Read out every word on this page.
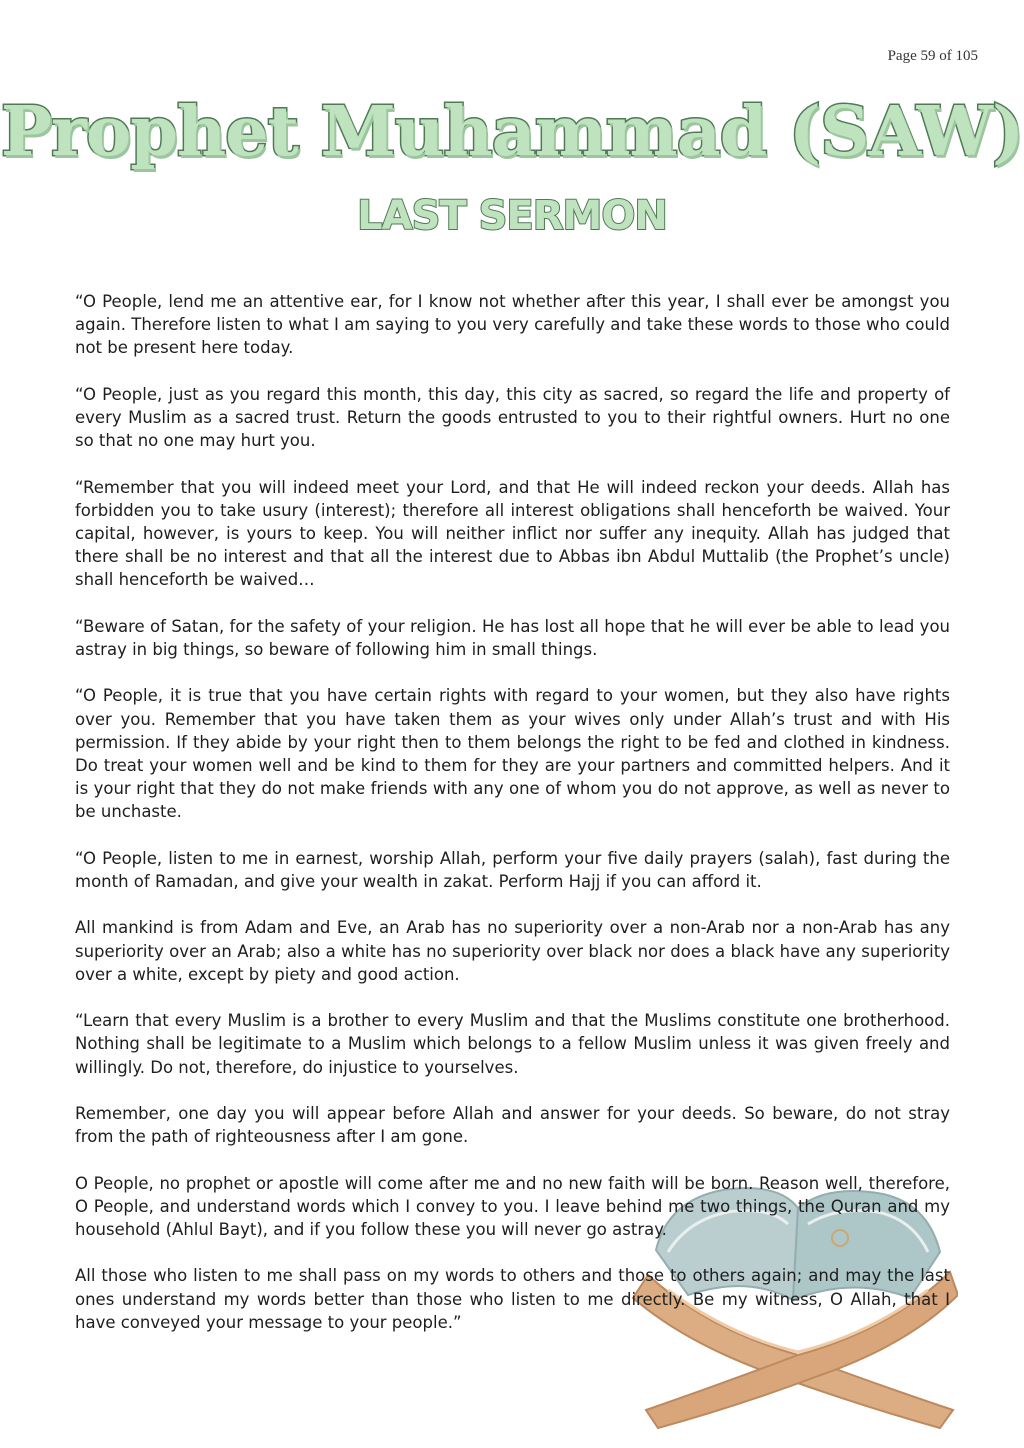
Page 59 of 105
Prophet Muhammad (SAW)
LAST SERMON

“O People, lend me an attentive ear, for I know not whether after this year, I shall ever be amongst you again. Therefore listen to what I am saying to you very carefully and take these words to those who could not be present here today.

“O People, just as you regard this month, this day, this city as sacred, so regard the life and property of every Muslim as a sacred trust. Return the goods entrusted to you to their rightful owners. Hurt no one so that no one may hurt you.

“Remember that you will indeed meet your Lord, and that He will indeed reckon your deeds. Allah has forbidden you to take usury (interest); therefore all interest obligations shall henceforth be waived. Your capital, however, is yours to keep. You will neither inflict nor suffer any inequity. Allah has judged that there shall be no interest and that all the interest due to Abbas ibn Abdul Muttalib (the Prophet’s uncle) shall henceforth be waived…

“Beware of Satan, for the safety of your religion. He has lost all hope that he will ever be able to lead you astray in big things, so beware of following him in small things.

“O People, it is true that you have certain rights with regard to your women, but they also have rights over you. Remember that you have taken them as your wives only under Allah’s trust and with His permission. If they abide by your right then to them belongs the right to be fed and clothed in kindness. Do treat your women well and be kind to them for they are your partners and committed helpers. And it is your right that they do not make friends with any one of whom you do not approve, as well as never to be unchaste.

“O People, listen to me in earnest, worship Allah, perform your five daily prayers (salah), fast during the month of Ramadan, and give your wealth in zakat. Perform Hajj if you can afford it.

All mankind is from Adam and Eve, an Arab has no superiority over a non-Arab nor a non-Arab has any superiority over an Arab; also a white has no superiority over black nor does a black have any superiority over a white, except by piety and good action.

“Learn that every Muslim is a brother to every Muslim and that the Muslims constitute one brotherhood. Nothing shall be legitimate to a Muslim which belongs to a fellow Muslim unless it was given freely and willingly. Do not, therefore, do injustice to yourselves.

Remember, one day you will appear before Allah and answer for your deeds. So beware, do not stray from the path of righteousness after I am gone.

O People, no prophet or apostle will come after me and no new faith will be born. Reason well, therefore, O People, and understand words which I convey to you. I leave behind me two things, the Quran and my household (Ahlul Bayt), and if you follow these you will never go astray.

All those who listen to me shall pass on my words to others and those to others again; and may the last ones understand my words better than those who listen to me directly. Be my witness, O Allah, that I have conveyed your message to your people.”
